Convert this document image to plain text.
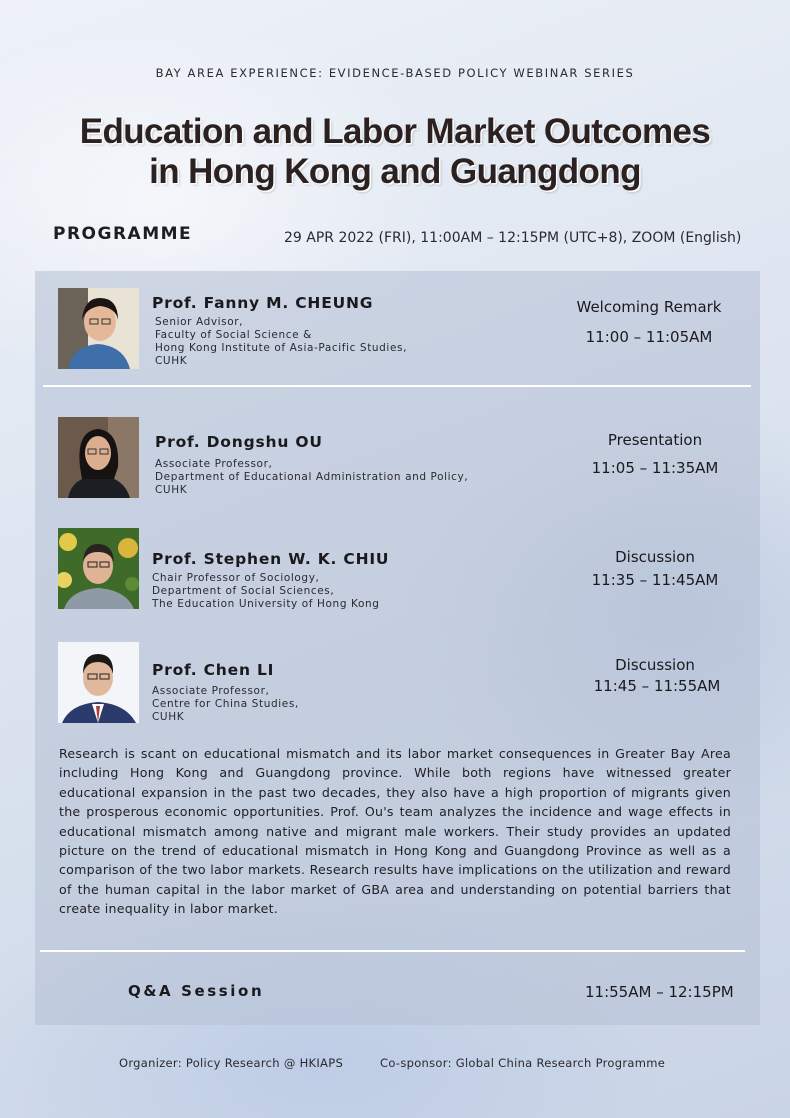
BAY AREA EXPERIENCE: EVIDENCE-BASED POLICY WEBINAR SERIES
Education and Labor Market Outcomes
in Hong Kong and Guangdong
PROGRAMME	29 APR 2022 (FRI), 11:00AM – 12:15PM (UTC+8), ZOOM (English)
Prof. Fanny M. CHEUNG
Senior Advisor,
Faculty of Social Science &
Hong Kong Institute of Asia-Pacific Studies,
CUHK
Welcoming Remark
11:00 – 11:05AM
Prof. Dongshu OU
Associate Professor,
Department of Educational Administration and Policy,
CUHK
Presentation
11:05 – 11:35AM
Prof. Stephen W. K. CHIU
Chair Professor of Sociology,
Department of Social Sciences,
The Education University of Hong Kong
Discussion
11:35 – 11:45AM
Prof. Chen LI
Associate Professor,
Centre for China Studies,
CUHK
Discussion
11:45 – 11:55AM
Research is scant on educational mismatch and its labor market consequences in Greater Bay Area including Hong Kong and Guangdong province. While both regions have witnessed greater educational expansion in the past two decades, they also have a high proportion of migrants given the prosperous economic opportunities. Prof. Ou's team analyzes the incidence and wage effects in educational mismatch among native and migrant male workers. Their study provides an updated picture on the trend of educational mismatch in Hong Kong and Guangdong Province as well as a comparison of the two labor markets. Research results have implications on the utilization and reward of the human capital in the labor market of GBA area and understanding on potential barriers that create inequality in labor market.
Q&A Session	11:55AM – 12:15PM
Organizer: Policy Research @ HKIAPS	Co-sponsor: Global China Research Programme
